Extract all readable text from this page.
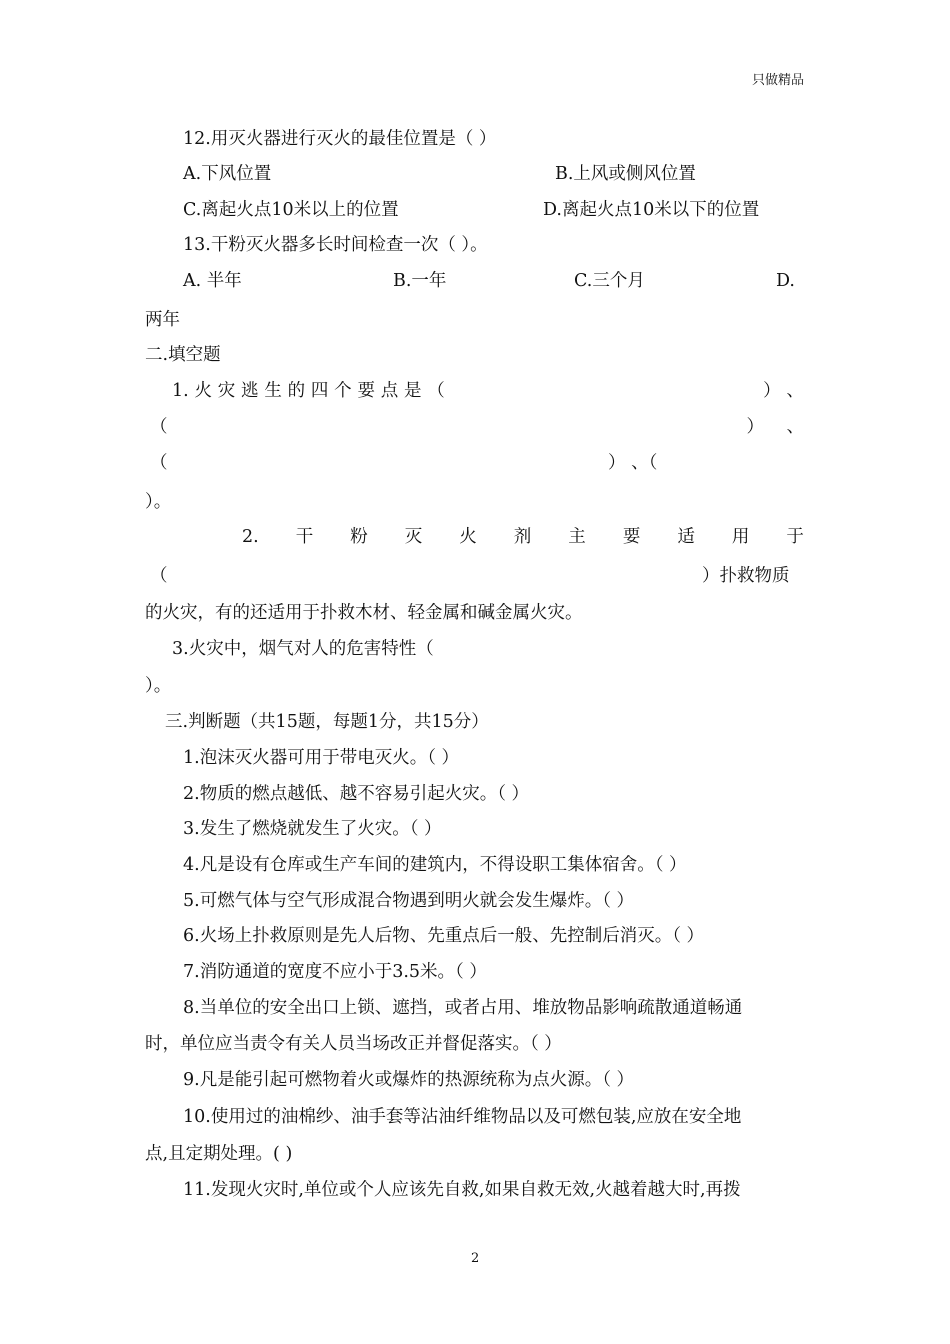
只做精品
12.用灭火器进行灭火的最佳位置是（ ）
A.下风位置	B.上风或侧风位置
C.离起火点10米以上的位置	D.离起火点10米以下的位置
13.干粉灭火器多长时间检查一次（ ）。
A. 半年	B.一年	C.三个月	D.
两年
二.填空题
1. 火 灾 逃 生 的 四 个 要 点 是 （	） 、
（	）	、
（	） 、（
）。
2. 干 粉 灭 火 剂 主 要 适 用 于
（	）扑救物质
的火灾，有的还适用于扑救木材、轻金属和碱金属火灾。
3.火灾中，烟气对人的危害特性（
）。
三.判断题（共15题，每题1分，共15分）
1.泡沫灭火器可用于带电灭火。（ ）
2.物质的燃点越低、越不容易引起火灾。（ ）
3.发生了燃烧就发生了火灾。（ ）
4.凡是设有仓库或生产车间的建筑内，不得设职工集体宿舍。（ ）
5.可燃气体与空气形成混合物遇到明火就会发生爆炸。（ ）
6.火场上扑救原则是先人后物、先重点后一般、先控制后消灭。（ ）
7.消防通道的宽度不应小于3.5米。（ ）
8.当单位的安全出口上锁、遮挡，或者占用、堆放物品影响疏散通道畅通
时，单位应当责令有关人员当场改正并督促落实。（ ）
9.凡是能引起可燃物着火或爆炸的热源统称为点火源。（ ）
10.使用过的油棉纱、油手套等沾油纤维物品以及可燃包装,应放在安全地
点,且定期处理。( )
11.发现火灾时,单位或个人应该先自救,如果自救无效,火越着越大时,再拨
2
